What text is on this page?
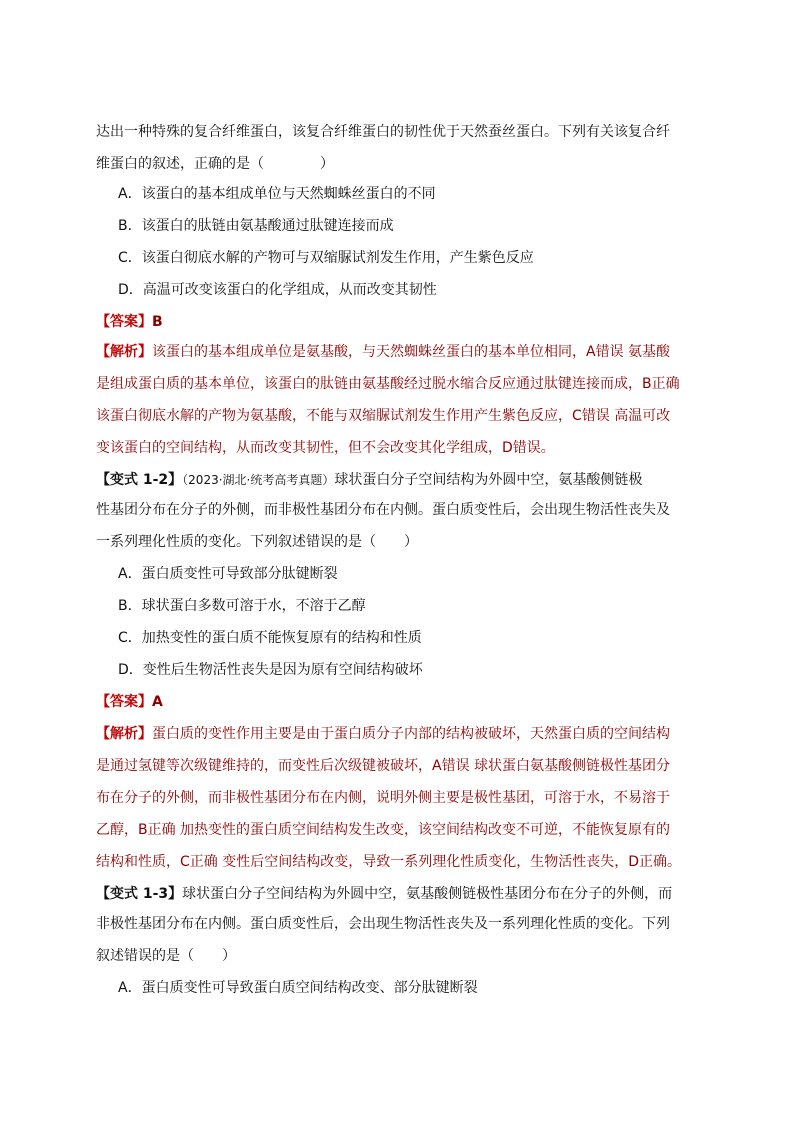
达出一种特殊的复合纤维蛋白，该复合纤维蛋白的韧性优于天然蚕丝蛋白。下列有关该复合纤
维蛋白的叙述，正确的是（　　　　）
A．该蛋白的基本组成单位与天然蜘蛛丝蛋白的不同
B．该蛋白的肽链由氨基酸通过肽键连接而成
C．该蛋白彻底水解的产物可与双缩脲试剂发生作用，产生紫色反应
D．高温可改变该蛋白的化学组成，从而改变其韧性
【答案】B
【解析】该蛋白的基本组成单位是氨基酸，与天然蜘蛛丝蛋白的基本单位相同，A错误 氨基酸
是组成蛋白质的基本单位，该蛋白的肽链由氨基酸经过脱水缩合反应通过肽键连接而成，B正确
该蛋白彻底水解的产物为氨基酸，不能与双缩脲试剂发生作用产生紫色反应，C错误 高温可改
变该蛋白的空间结构，从而改变其韧性，但不会改变其化学组成，D错误。
【变式 1-2】（2023·湖北·统考高考真题）球状蛋白分子空间结构为外圆中空，氨基酸侧链极
性基团分布在分子的外侧，而非极性基团分布在内侧。蛋白质变性后，会出现生物活性丧失及
一系列理化性质的变化。下列叙述错误的是（　　）
A．蛋白质变性可导致部分肽键断裂
B．球状蛋白多数可溶于水，不溶于乙醇
C．加热变性的蛋白质不能恢复原有的结构和性质
D．变性后生物活性丧失是因为原有空间结构破坏
【答案】A
【解析】蛋白质的变性作用主要是由于蛋白质分子内部的结构被破坏，天然蛋白质的空间结构
是通过氢键等次级键维持的，而变性后次级键被破坏，A错误 球状蛋白氨基酸侧链极性基团分
布在分子的外侧，而非极性基团分布在内侧，说明外侧主要是极性基团，可溶于水，不易溶于
乙醇，B正确 加热变性的蛋白质空间结构发生改变，该空间结构改变不可逆，不能恢复原有的
结构和性质，C正确 变性后空间结构改变，导致一系列理化性质变化，生物活性丧失，D正确。
【变式 1-3】球状蛋白分子空间结构为外圆中空，氨基酸侧链极性基团分布在分子的外侧，而
非极性基团分布在内侧。蛋白质变性后，会出现生物活性丧失及一系列理化性质的变化。下列
叙述错误的是（　　）
A．蛋白质变性可导致蛋白质空间结构改变、部分肽键断裂
